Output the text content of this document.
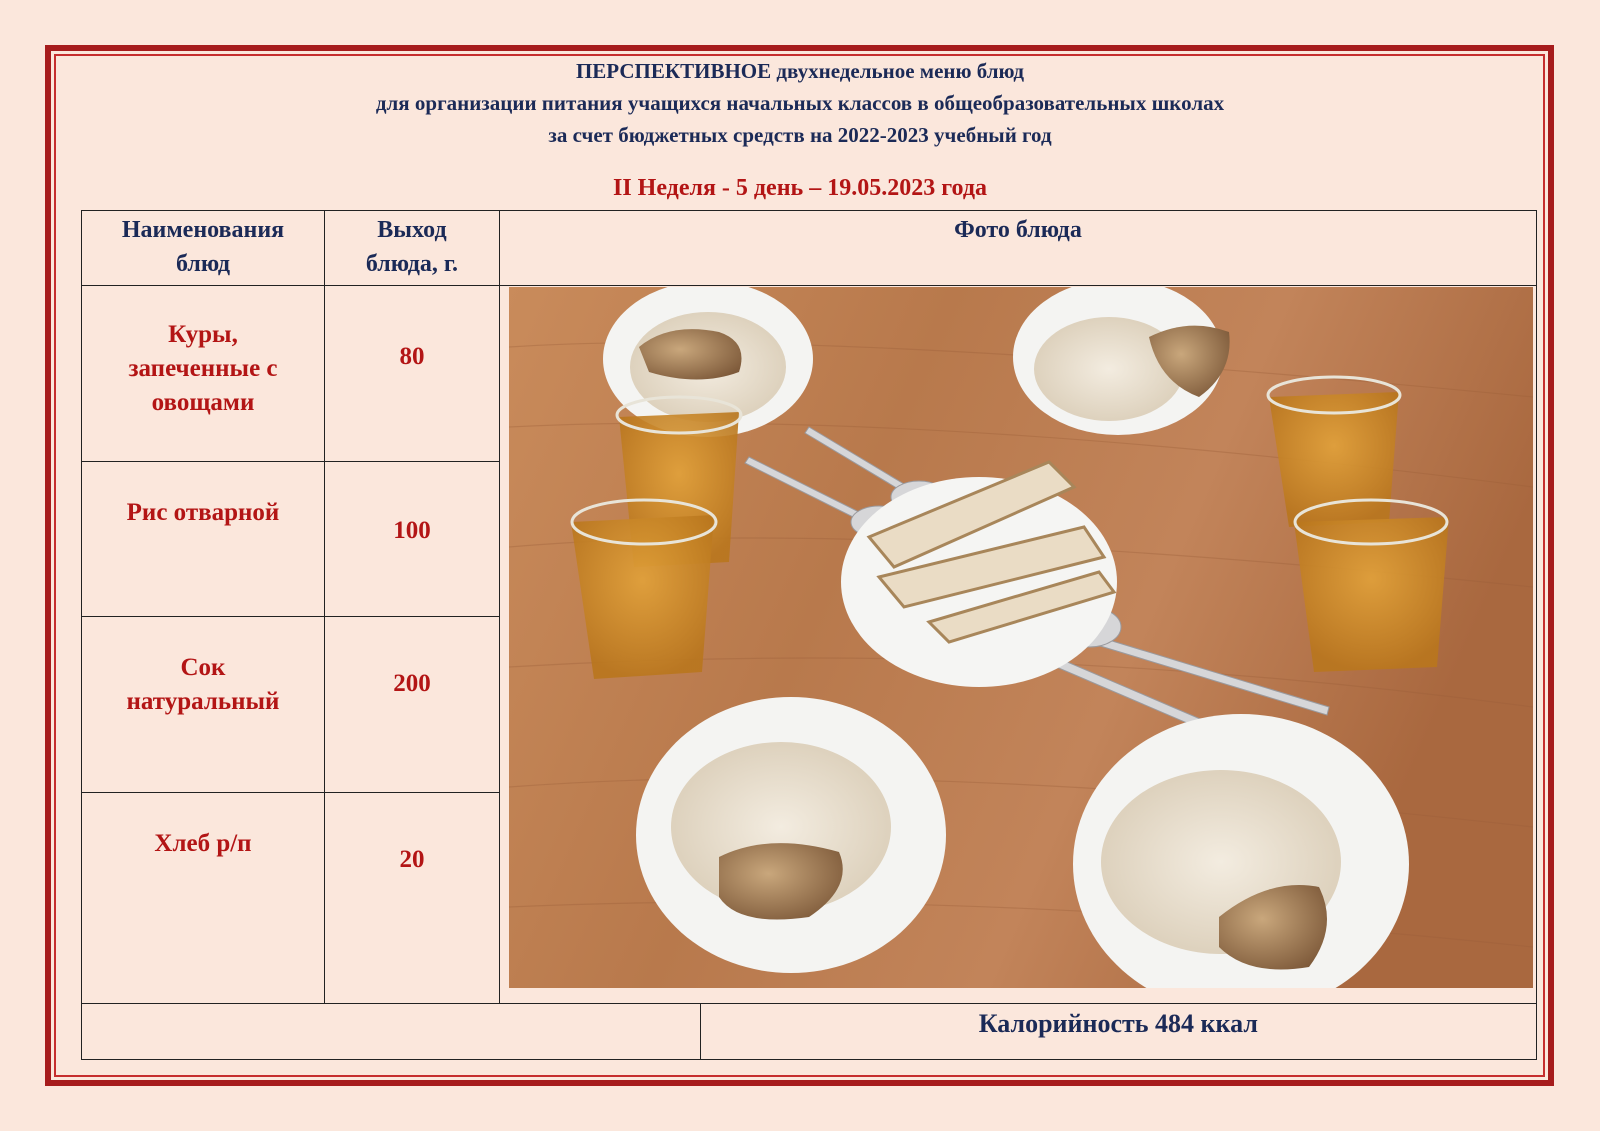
ПЕРСПЕКТИВНОЕ двухнедельное меню блюд
для организации питания учащихся начальных классов в общеобразовательных школах
за счет бюджетных средств на 2022-2023 учебный год
II Неделя - 5 день – 19.05.2023 года
Наименования блюд	Выход блюда, г.	Фото блюда	

Куры, запеченные с овощами	80

Рис отварной	100		

Сок натуральный	200		

Хлеб р/п	20		

			Калорийность 484 ккал
